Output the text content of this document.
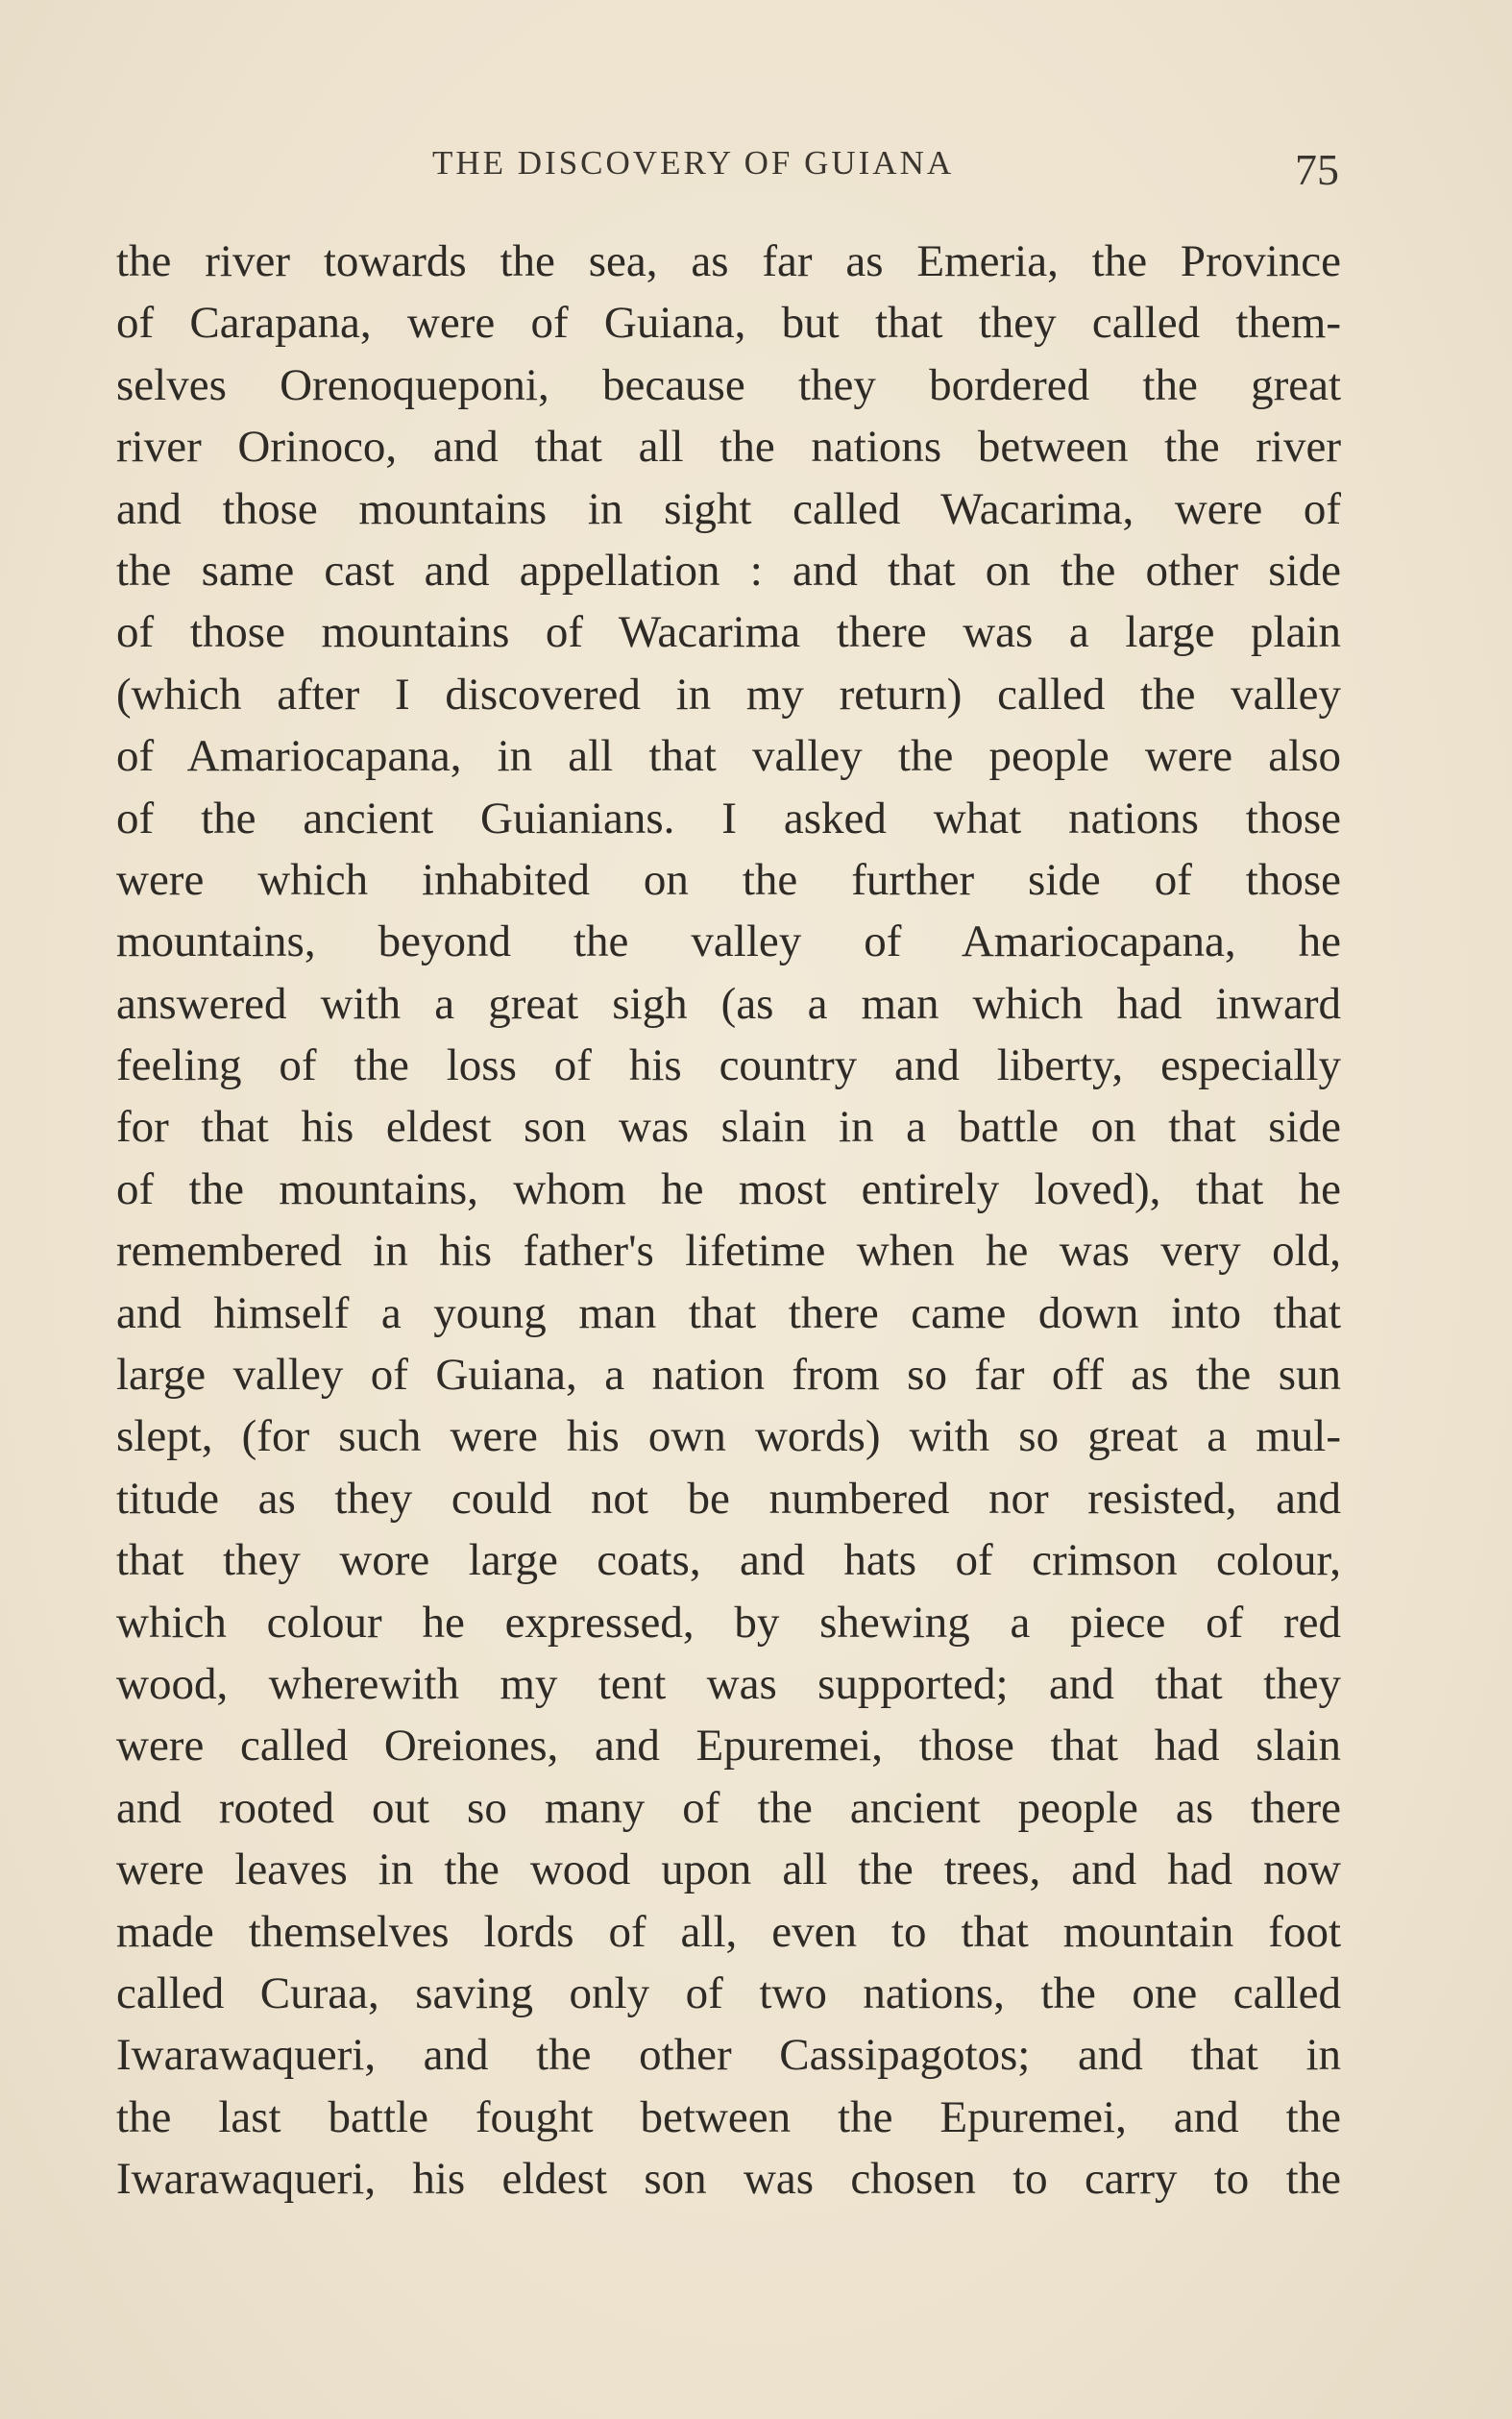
THE DISCOVERY OF GUIANA	75
the river towards the sea, as far as Emeria, the Province
of Carapana, were of Guiana, but that they called them-
selves Orenoqueponi, because they bordered the great
river Orinoco, and that all the nations between the river
and those mountains in sight called Wacarima, were of
the same cast and appellation : and that on the other side
of those mountains of Wacarima there was a large plain
(which after I discovered in my return) called the valley
of Amariocapana, in all that valley the people were also
of the ancient Guianians. I asked what nations those
were which inhabited on the further side of those
mountains, beyond the valley of Amariocapana, he
answered with a great sigh (as a man which had inward
feeling of the loss of his country and liberty, especially
for that his eldest son was slain in a battle on that side
of the mountains, whom he most entirely loved), that he
remembered in his father's lifetime when he was very old,
and himself a young man that there came down into that
large valley of Guiana, a nation from so far off as the sun
slept, (for such were his own words) with so great a mul-
titude as they could not be numbered nor resisted, and
that they wore large coats, and hats of crimson colour,
which colour he expressed, by shewing a piece of red
wood, wherewith my tent was supported; and that they
were called Oreiones, and Epuremei, those that had slain
and rooted out so many of the ancient people as there
were leaves in the wood upon all the trees, and had now
made themselves lords of all, even to that mountain foot
called Curaa, saving only of two nations, the one called
Iwarawaqueri, and the other Cassipagotos; and that in
the last battle fought between the Epuremei, and the
Iwarawaqueri, his eldest son was chosen to carry to the
